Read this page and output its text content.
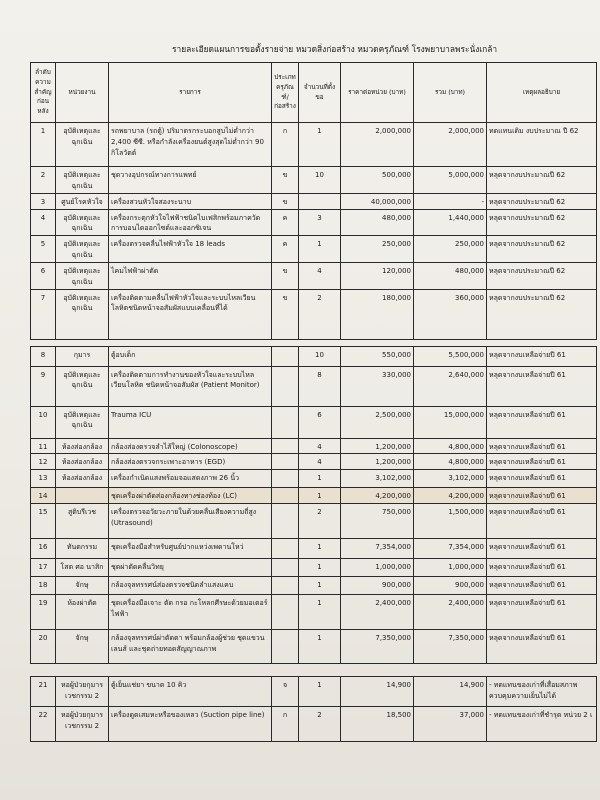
รายละเอียดแผนการขอตั้งรายจ่าย หมวดสิ่งก่อสร้าง หมวดครุภัณฑ์ โรงพยาบาลพระนั่งเกล้า
ลำดับความสำคัญก่อนหลัง	หน่วยงาน	รายการ	ประเภทครุภัณฑ์/ก่อสร้าง	จำนวนที่ตั้งขอ	ราคาต่อหน่วย (บาท)	รวม (บาท)	เหตุผลอธิบาย
1	อุบัติเหตุและฉุกเฉิน	รถพยาบาล (รถตู้) ปริมาตรกระบอกสูบไม่ต่ำกว่า 2,400 ซีซี. หรือกำลังเครื่องยนต์สูงสุดไม่ต่ำกว่า 90 กิโลวัตต์	ก	1	2,000,000	2,000,000	ทดแทนเดิม งบประมาณ ปี 62
2	อุบัติเหตุและฉุกเฉิน	ชุดวางอุปกรณ์ทางการแพทย์	ข	10	500,000	5,000,000	หลุดจากงบประมาณปี 62
3	ศูนย์โรคหัวใจ	เครื่องสวนหัวใจสองระนาบ	ข		40,000,000	-	หลุดจากงบประมาณปี 62
4	อุบัติเหตุและฉุกเฉิน	เครื่องกระตุกหัวใจไฟฟ้าชนิดไบเฟสิกพร้อมภาควัดการบอนไดออกไซด์และออกซิเจน	ค	3	480,000	1,440,000	หลุดจากงบประมาณปี 62
5	อุบัติเหตุและฉุกเฉิน	เครื่องตรวจคลื่นไฟฟ้าหัวใจ 18 leads	ค	1	250,000	250,000	หลุดจากงบประมาณปี 62
6	อุบัติเหตุและฉุกเฉิน	ไคมไฟฟ้าผ่าตัด	ข	4	120,000	480,000	หลุดจากงบประมาณปี 62
7	อุบัติเหตุและฉุกเฉิน	เครื่องติดตามคลื่นไฟฟ้าหัวใจและระบบไหลเวียนโลหิตชนิดหน้าจอสัมผัสแบบเคลื่อนที่ได้	ข	2	180,000	360,000	หลุดจากงบประมาณปี 62

8	กุมาร	ตู้อบเด็ก		10	550,000	5,500,000	หลุดจากงบเหลือจ่ายปี 61
9	อุบัติเหตุและฉุกเฉิน	เครื่องติดตามการทำงานของหัวใจและระบบไหลเวียนโลหิต ชนิดหน้าจอสัมผัส (Patient Monitor)		8	330,000	2,640,000	หลุดจากงบเหลือจ่ายปี 61
10	อุบัติเหตุและฉุกเฉิน	Trauma ICU		6	2,500,000	15,000,000	หลุดจากงบเหลือจ่ายปี 61
11	ห้องส่องกล้อง	กล้องส่องตรวจลำไส้ใหญ่ (Colonoscope)		4	1,200,000	4,800,000	หลุดจากงบเหลือจ่ายปี 61
12	ห้องส่องกล้อง	กล้องส่องตรวจกระเพาะอาหาร (EGD)		4	1,200,000	4,800,000	หลุดจากงบเหลือจ่ายปี 61
13	ห้องส่องกล้อง	เครื่องกำเนิดแสงพร้อมจอแสดงภาพ 26 นิ้ว		1	3,102,000	3,102,000	หลุดจากงบเหลือจ่ายปี 61
14		ชุดเครื่องผ่าตัดส่องกล้องทางช่องท้อง (LC)		1	4,200,000	4,200,000	หลุดจากงบเหลือจ่ายปี 61
15	สูติบรีเวช	เครื่องตรวจอวัยวะภายในด้วยคลื่นเสียงความถี่สูง (Utrasound)		2	750,000	1,500,000	หลุดจากงบเหลือจ่ายปี 61
16	ทันตกรรม	ชุดเครื่องมือสำหรับศูนย์ปากแหว่งเพดานโหว่		1	7,354,000	7,354,000	หลุดจากงบเหลือจ่ายปี 61
17	โสต ศอ นาสิก	ชุดผ่าตัดคลื่นวิทยุ		1	1,000,000	1,000,000	หลุดจากงบเหลือจ่ายปี 61
18	จักษุ	กล้องจุลทรรศน์ส่องตรวจชนิดลำแสงแคบ		1	900,000	900,000	หลุดจากงบเหลือจ่ายปี 61
19	ห้องผ่าตัด	ชุดเครื่องมือเจาะ ตัด กรอ กะโหลกศีรษะด้วยมอเตอร์ไฟฟ้า		1	2,400,000	2,400,000	หลุดจากงบเหลือจ่ายปี 61
20	จักษุ	กล้องจุลทรรศน์ผ่าตัดตา พร้อมกล้องผู้ช่วย ชุดแขวนเลนส์ และชุดถ่ายทอดสัญญาณภาพ		1	7,350,000	7,350,000	หลุดจากงบเหลือจ่ายปี 61

21	หอผู้ป่วยกุมารเวชกรรม 2	ตู้เย็นแช่ยา ขนาด 10 คิว	จ	1	14,900	14,900	- ทดแทนของเก่าที่เสื่อมสภาพ ควบคุมความเย็นไม่ได้
22	หอผู้ป่วยกุมารเวชกรรม 2	เครื่องดูดเสมหะหรือของเหลว (Suction pipe line)	ก	2	18,500	37,000	- ทดแทนของเก่าที่ชำรุด หน่วย 2 เ
